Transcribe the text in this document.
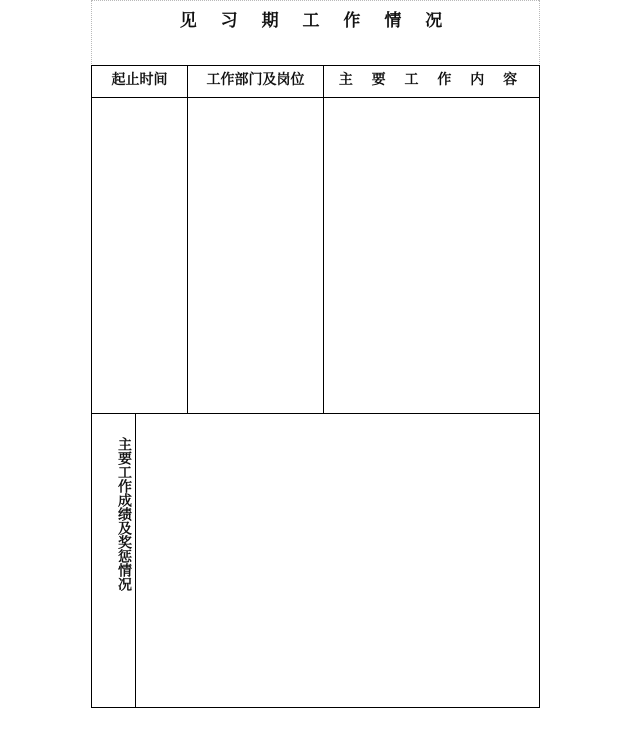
见 习 期 工 作 情 况
起止时间	工作部门及岗位	主 要 工 作 内 容
主要工作成绩及奖惩情况
